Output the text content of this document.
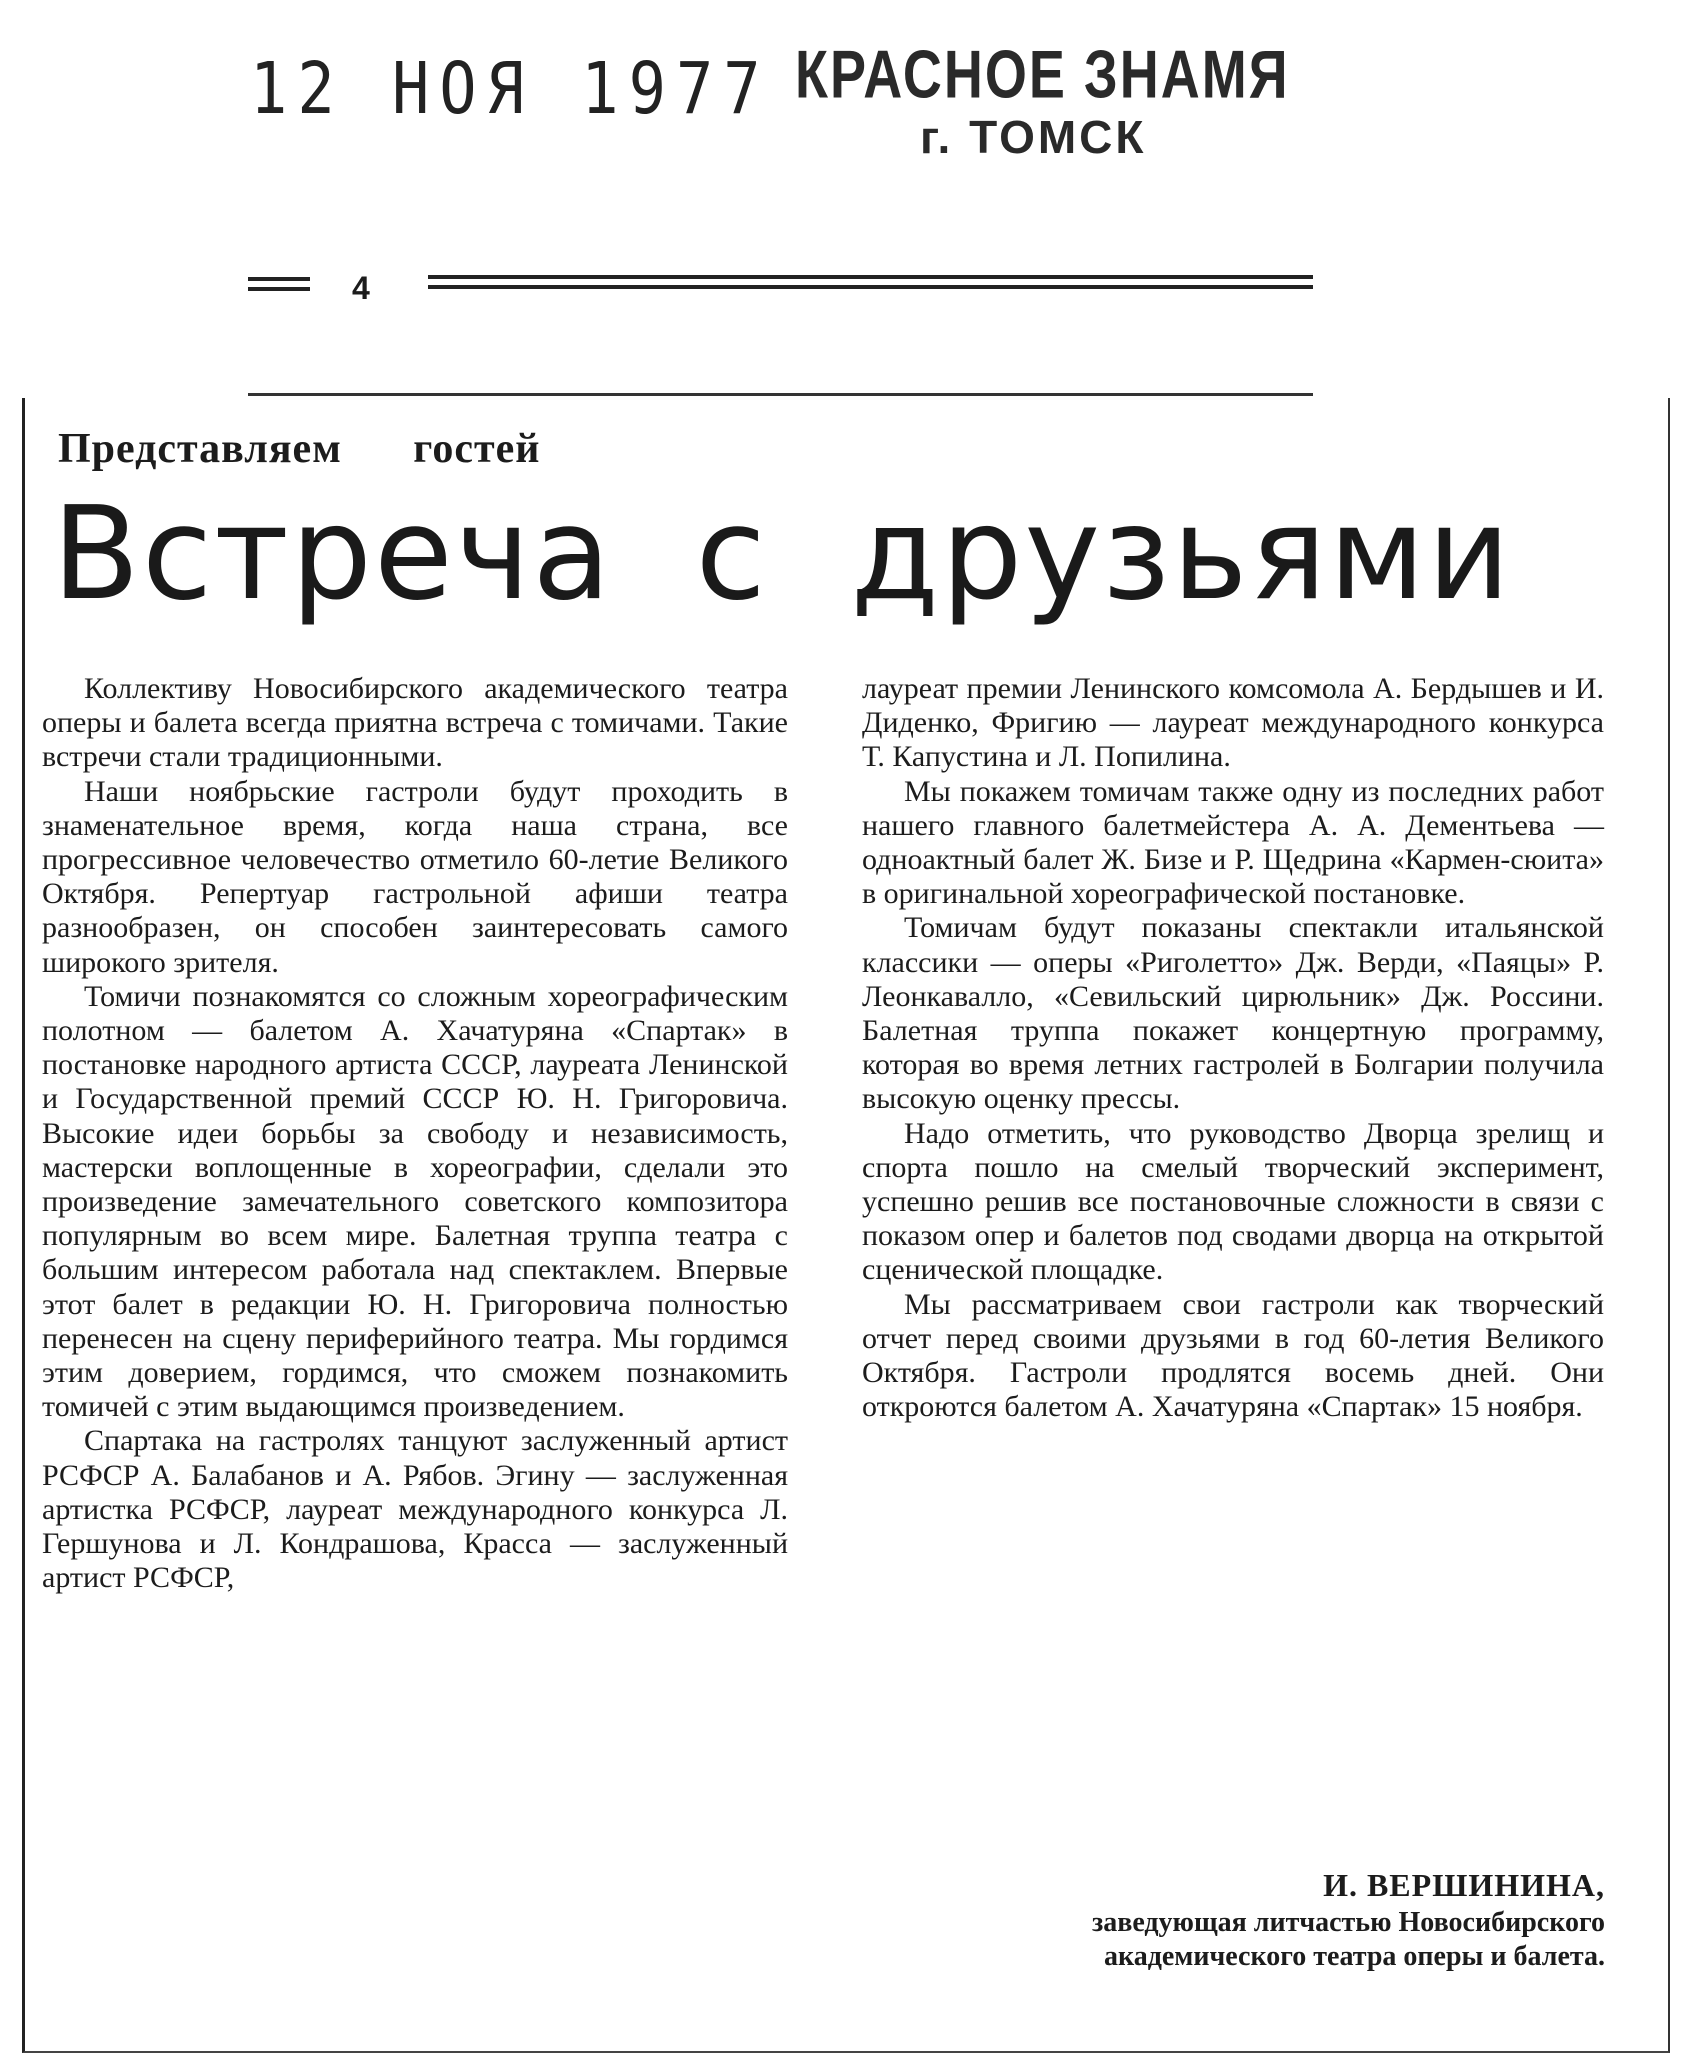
12 НОЯ 1977 КРАСНОЕ ЗНАМЯ
г. ТОМСК
4
Представляем гостей
Встреча с друзьями

Коллективу Новосибирского академического театра оперы и балета всегда приятна встреча с томичами. Такие встречи стали традиционными.

Наши ноябрьские гастроли будут проходить в знаменательное время, когда наша страна, все прогрессивное человечество отметило 60-летие Великого Октября. Репертуар гастрольной афиши театра разнообразен, он способен заинтересовать самого широкого зрителя.

Томичи познакомятся со сложным хореографическим полотном — балетом А. Хачатуряна «Спартак» в постановке народного артиста СССР, лауреата Ленинской и Государственной премий СССР Ю. Н. Григоровича. Высокие идеи борьбы за свободу и независимость, мастерски воплощенные в хореографии, сделали это произведение замечательного советского композитора популярным во всем мире. Балетная труппа театра с большим интересом работала над спектаклем. Впервые этот балет в редакции Ю. Н. Григоровича полностью перенесен на сцену периферийного театра. Мы гордимся этим доверием, гордимся, что сможем познакомить томичей с этим выдающимся произведением.

Спартака на гастролях танцуют заслуженный артист РСФСР А. Балабанов и А. Рябов. Эгину — заслуженная артистка РСФСР, лауреат международного конкурса Л. Гершунова и Л. Кондрашова, Красса — заслуженный артист РСФСР,

лауреат премии Ленинского комсомола А. Бердышев и И. Диденко, Фригию — лауреат международного конкурса Т. Капустина и Л. Попилина.

Мы покажем томичам также одну из последних работ нашего главного балетмейстера А. А. Дементьева — одноактный балет Ж. Бизе и Р. Щедрина «Кармен-сюита» в оригинальной хореографической постановке.

Томичам будут показаны спектакли итальянской классики — оперы «Риголетто» Дж. Верди, «Паяцы» Р. Леонкавалло, «Севильский цирюльник» Дж. Россини. Балетная труппа покажет концертную программу, которая во время летних гастролей в Болгарии получила высокую оценку прессы.

Надо отметить, что руководство Дворца зрелищ и спорта пошло на смелый творческий эксперимент, успешно решив все постановочные сложности в связи с показом опер и балетов под сводами дворца на открытой сценической площадке.

Мы рассматриваем свои гастроли как творческий отчет перед своими друзьями в год 60-летия Великого Октября. Гастроли продлятся восемь дней. Они откроются балетом А. Хачатуряна «Спартак» 15 ноября.

И. ВЕРШИНИНА,
заведующая литчастью Новосибирского академического театра оперы и балета.
